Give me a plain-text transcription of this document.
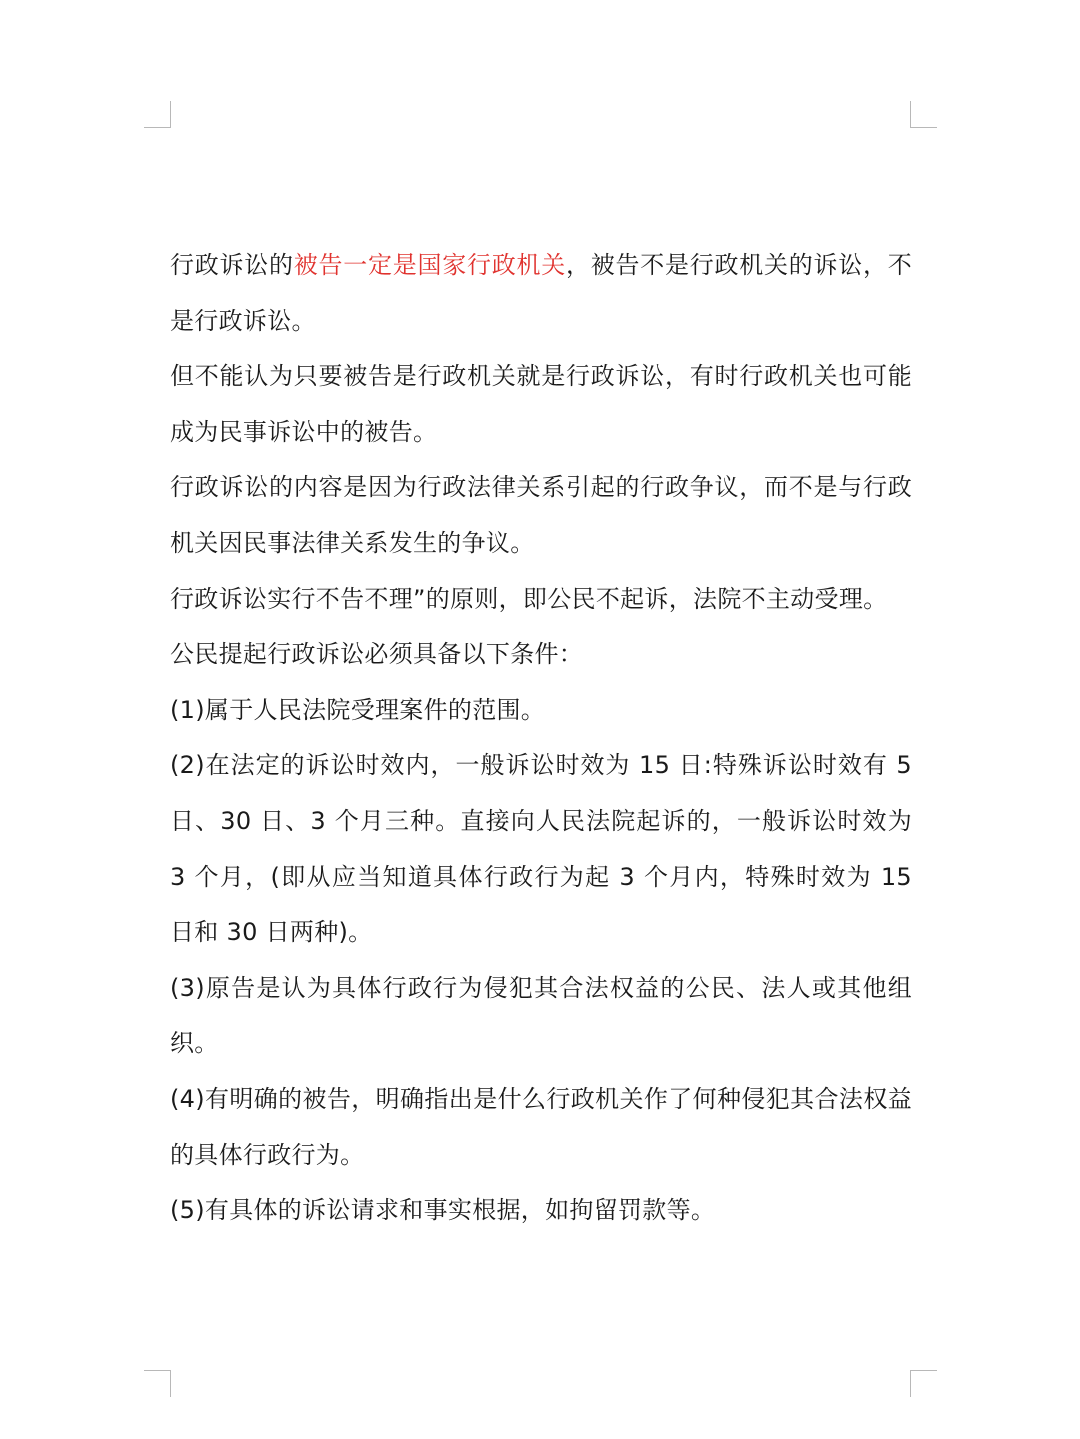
行政诉讼的被告一定是国家行政机关，被告不是行政机关的诉讼，不是行政诉讼。

但不能认为只要被告是行政机关就是行政诉讼，有时行政机关也可能成为民事诉讼中的被告。

行政诉讼的内容是因为行政法律关系引起的行政争议，而不是与行政机关因民事法律关系发生的争议。

行政诉讼实行不告不理”的原则，即公民不起诉，法院不主动受理。

公民提起行政诉讼必须具备以下条件：

(1)属于人民法院受理案件的范围。

(2)在法定的诉讼时效内，一般诉讼时效为 15 日:特殊诉讼时效有 5 日、30 日、3 个月三种。直接向人民法院起诉的，一般诉讼时效为 3 个月，(即从应当知道具体行政行为起 3 个月内，特殊时效为 15 日和 30 日两种)。

(3)原告是认为具体行政行为侵犯其合法权益的公民、法人或其他组织。

(4)有明确的被告，明确指出是什么行政机关作了何种侵犯其合法权益的具体行政行为。

(5)有具体的诉讼请求和事实根据，如拘留罚款等。
